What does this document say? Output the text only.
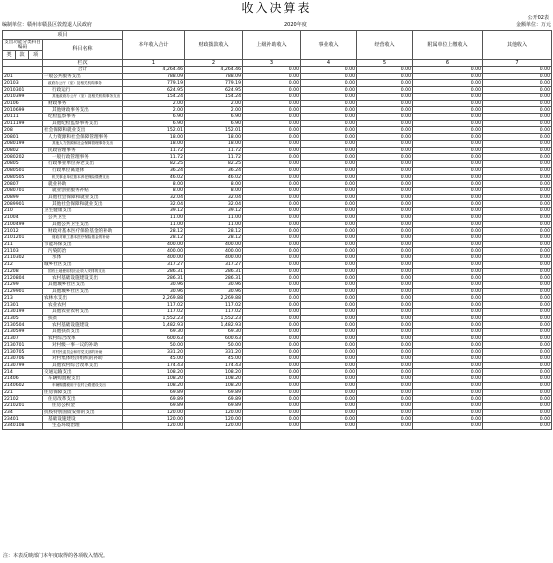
收入决算表
公开02表
编制单位：赣州市赣县区敦煌退人民政府	2020年度	金额单位：万元
项目				本年收入合计	财政拨款收入	上级补助收入	事业收入	经营收入	附属单位上缴收入	其他收入
支出功能分类科目编码			科目名称							
类	款	项								
			栏次	1	2	3	4	5	6	7
			合计	4,264.46	4,264.46	0.00	0.00	0.00	0.00	0.00
201			一般公共服务支出	788.09	788.09	0.00	0.00	0.00	0.00	0.00
20103			政府办公厅（室）及相关机构事务	779.19	779.19	0.00	0.00	0.00	0.00	0.00
2010301			行政运行	624.95	624.95	0.00	0.00	0.00	0.00	0.00
2010399			其他政府办公厅（室）及相关机构事务支出	154.24	154.24	0.00	0.00	0.00	0.00	0.00
20106			财政事务	2.00	2.00	0.00	0.00	0.00	0.00	0.00
2010699			其他财政事务支出	2.00	2.00	0.00	0.00	0.00	0.00	0.00
20111			纪检监察事务	6.90	6.90	0.00	0.00	0.00	0.00	0.00
2011199			其他纪检监察事务支出	6.90	6.90	0.00	0.00	0.00	0.00	0.00
208			社会保障和就业支出	152.01	152.01	0.00	0.00	0.00	0.00	0.00
20801			人力资源和社会保障管理事务	18.00	18.00	0.00	0.00	0.00	0.00	0.00
2080199			其他人力资源和社会保障管理事务支出	18.00	18.00	0.00	0.00	0.00	0.00	0.00
20802			民政管理事务	11.72	11.72	0.00	0.00	0.00	0.00	0.00
2080202			一般行政管理事务	11.72	11.72	0.00	0.00	0.00	0.00	0.00
20805			行政事业单位养老支出	82.25	82.25	0.00	0.00	0.00	0.00	0.00
2080501			行政单位离退休	36.24	36.24	0.00	0.00	0.00	0.00	0.00
2080505			机关事业单位基本养老保险缴费支出	46.02	46.02	0.00	0.00	0.00	0.00	0.00
20807			就业补助	8.00	8.00	0.00	0.00	0.00	0.00	0.00
2080701			就业创业服务补贴	8.00	8.00	0.00	0.00	0.00	0.00	0.00
20899			其他社会保障和就业支出	32.04	32.04	0.00	0.00	0.00	0.00	0.00
2089901			其他社会保障和就业支出	32.04	32.04	0.00	0.00	0.00	0.00	0.00
210			卫生健康支出	39.12	39.12	0.00	0.00	0.00	0.00	0.00
21004			公共卫生	11.00	11.00	0.00	0.00	0.00	0.00	0.00
2100499			其他公共卫生支出	11.00	11.00	0.00	0.00	0.00	0.00	0.00
21012			财政对基本医疗保险基金的补助	28.12	28.12	0.00	0.00	0.00	0.00	0.00
2101201			财政对职工基本医疗保险基金的补助	28.12	28.12	0.00	0.00	0.00	0.00	0.00
211			节能环保支出	400.00	400.00	0.00	0.00	0.00	0.00	0.00
21103			污染防治	400.00	400.00	0.00	0.00	0.00	0.00	0.00
2110302			水体	400.00	400.00	0.00	0.00	0.00	0.00	0.00
212			城乡社区支出	317.27	317.27	0.00	0.00	0.00	0.00	0.00
21208			国有土地使用权出让收入安排的支出	286.31	286.31	0.00	0.00	0.00	0.00	0.00
2120804			农村基础设施建设支出	286.31	286.31	0.00	0.00	0.00	0.00	0.00
21299			其他城乡社区支出	30.96	30.96	0.00	0.00	0.00	0.00	0.00
2129901			其他城乡社区支出	30.96	30.96	0.00	0.00	0.00	0.00	0.00
213			农林水支出	2,269.88	2,269.88	0.00	0.00	0.00	0.00	0.00
21301			农业农村	117.02	117.02	0.00	0.00	0.00	0.00	0.00
2130199			其他农业农村支出	117.02	117.02	0.00	0.00	0.00	0.00	0.00
21305			扶贫	1,552.23	1,552.23	0.00	0.00	0.00	0.00	0.00
2130504			农村基础设施建设	1,482.93	1,482.93	0.00	0.00	0.00	0.00	0.00
2130599			其他扶贫支出	69.30	69.30	0.00	0.00	0.00	0.00	0.00
21307			农村综合改革	600.63	600.63	0.00	0.00	0.00	0.00	0.00
2130701			对村级一事一议的补助	50.00	50.00	0.00	0.00	0.00	0.00	0.00
2130705			对村民委员会和村党支部的补助	331.20	331.20	0.00	0.00	0.00	0.00	0.00
2130706			对村集体经济组织的补助	45.00	45.00	0.00	0.00	0.00	0.00	0.00
2130799			其他农村综合改革支出	174.43	174.43	0.00	0.00	0.00	0.00	0.00
214			交通运输支出	108.20	108.20	0.00	0.00	0.00	0.00	0.00
21406			车辆购置税支出	108.20	108.20	0.00	0.00	0.00	0.00	0.00
2140602			车辆购置税用于农村公路建设支出	108.20	108.20	0.00	0.00	0.00	0.00	0.00
221			住房保障支出	69.89	69.89	0.00	0.00	0.00	0.00	0.00
22102			住房改革支出	69.89	69.89	0.00	0.00	0.00	0.00	0.00
2210201			住房公积金	69.89	69.89	0.00	0.00	0.00	0.00	0.00
234			抗疫特别国债安排的支出	120.00	120.00	0.00	0.00	0.00	0.00	0.00
23401			基础设施建设	120.00	120.00	0.00	0.00	0.00	0.00	0.00
2340108			生态环境治理	120.00	120.00	0.00	0.00	0.00	0.00	0.00
注：本表反映部门本年度取得的各项收入情况。
